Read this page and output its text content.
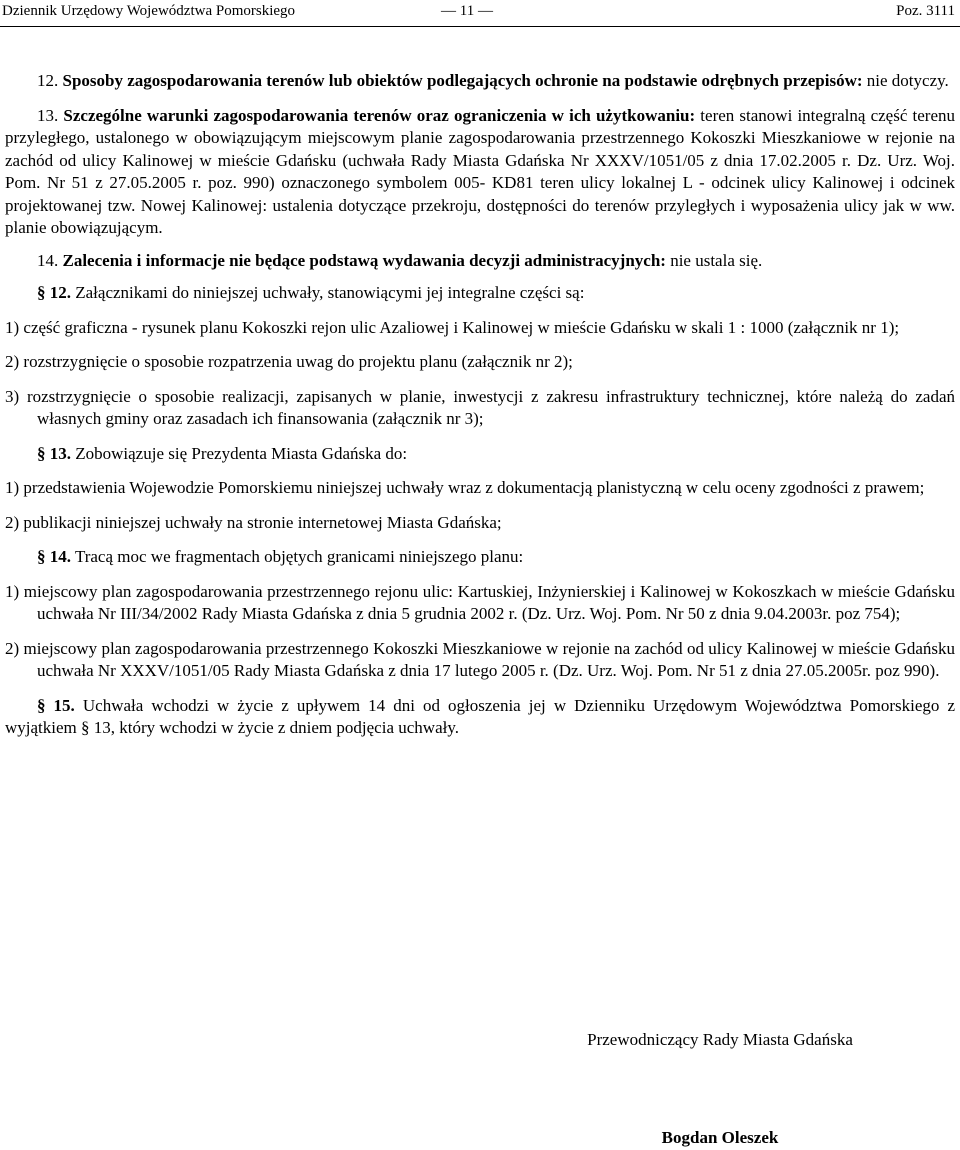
Dziennik Urzędowy Województwa Pomorskiego	— 11 —	Poz. 3111

12. Sposoby zagospodarowania terenów lub obiektów podlegających ochronie na podstawie odrębnych przepisów: nie dotyczy.

13. Szczególne warunki zagospodarowania terenów oraz ograniczenia w ich użytkowaniu: teren stanowi integralną część terenu przyległego, ustalonego w obowiązującym miejscowym planie zagospodarowania przestrzennego Kokoszki Mieszkaniowe w rejonie na zachód od ulicy Kalinowej w mieście Gdańsku (uchwała Rady Miasta Gdańska Nr XXXV/1051/05 z dnia 17.02.2005 r. Dz. Urz. Woj. Pom. Nr 51 z 27.05.2005 r. poz. 990) oznaczonego symbolem 005- KD81 teren ulicy lokalnej L - odcinek ulicy Kalinowej i odcinek projektowanej tzw. Nowej Kalinowej: ustalenia dotyczące przekroju, dostępności do terenów przyległych i wyposażenia ulicy jak w ww. planie obowiązującym.

14. Zalecenia i informacje nie będące podstawą wydawania decyzji administracyjnych: nie ustala się.

§ 12. Załącznikami do niniejszej uchwały, stanowiącymi jej integralne części są:

1) część graficzna - rysunek planu Kokoszki rejon ulic Azaliowej i Kalinowej w mieście Gdańsku w skali 1 : 1000 (załącznik nr 1);

2) rozstrzygnięcie o sposobie rozpatrzenia uwag do projektu planu (załącznik nr 2);

3) rozstrzygnięcie o sposobie realizacji, zapisanych w planie, inwestycji z zakresu infrastruktury technicznej, które należą do zadań własnych gminy oraz zasadach ich finansowania (załącznik nr 3);

§ 13. Zobowiązuje się Prezydenta Miasta Gdańska do:

1) przedstawienia Wojewodzie Pomorskiemu niniejszej uchwały wraz z dokumentacją planistyczną w celu oceny zgodności z prawem;

2) publikacji niniejszej uchwały na stronie internetowej Miasta Gdańska;

§ 14. Tracą moc we fragmentach objętych granicami niniejszego planu:

1) miejscowy plan zagospodarowania przestrzennego rejonu ulic: Kartuskiej, Inżynierskiej i Kalinowej w Kokoszkach w mieście Gdańsku uchwała Nr III/34/2002 Rady Miasta Gdańska z dnia 5 grudnia 2002 r. (Dz. Urz. Woj. Pom. Nr 50 z dnia 9.04.2003r. poz 754);

2) miejscowy plan zagospodarowania przestrzennego Kokoszki Mieszkaniowe w rejonie na zachód od ulicy Kalinowej w mieście Gdańsku uchwała Nr XXXV/1051/05 Rady Miasta Gdańska z dnia 17 lutego 2005 r. (Dz. Urz. Woj. Pom. Nr 51 z dnia 27.05.2005r. poz 990).

§ 15. Uchwała wchodzi w życie z upływem 14 dni od ogłoszenia jej w Dzienniku Urzędowym Województwa Pomorskiego z wyjątkiem § 13, który wchodzi w życie z dniem podjęcia uchwały.

Przewodniczący Rady Miasta Gdańska
Bogdan Oleszek
